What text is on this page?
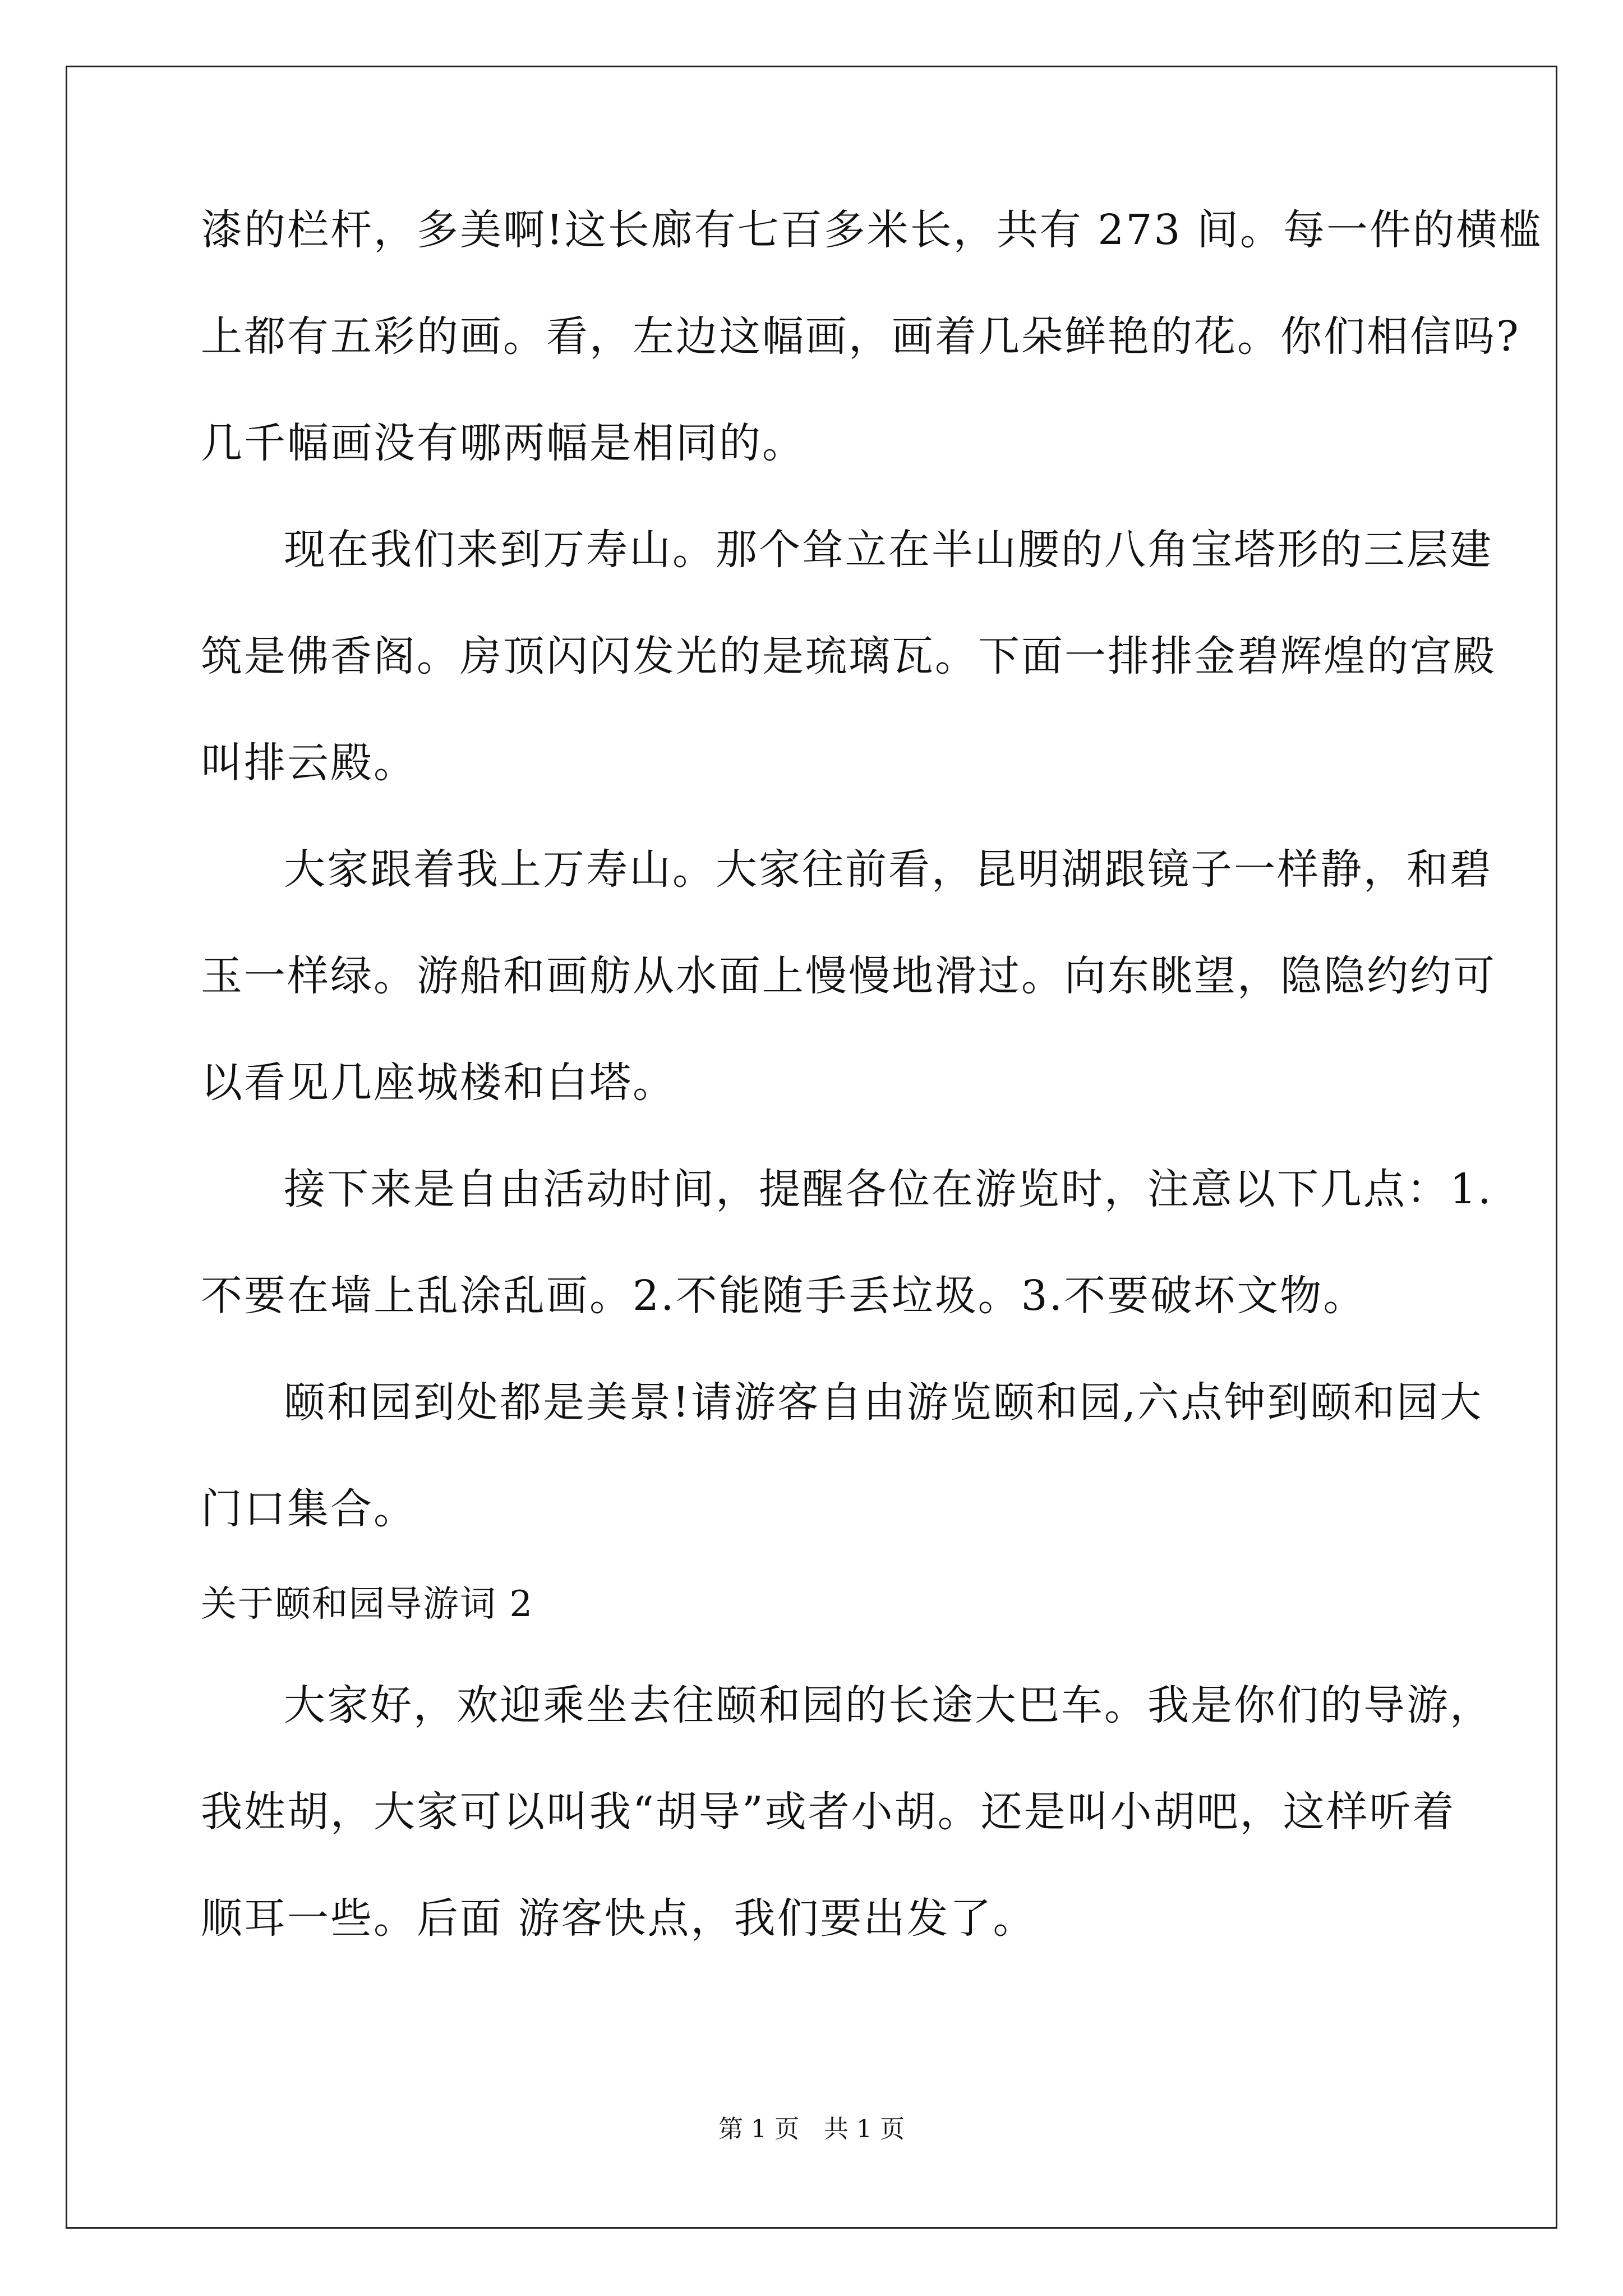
漆的栏杆，多美啊!这长廊有七百多米长，共有 273 间。每一件的横槛
上都有五彩的画。看，左边这幅画，画着几朵鲜艳的花。你们相信吗?
几千幅画没有哪两幅是相同的。
现在我们来到万寿山。那个耸立在半山腰的八角宝塔形的三层建
筑是佛香阁。房顶闪闪发光的是琉璃瓦。下面一排排金碧辉煌的宫殿
叫排云殿。
大家跟着我上万寿山。大家往前看，昆明湖跟镜子一样静，和碧
玉一样绿。游船和画舫从水面上慢慢地滑过。向东眺望，隐隐约约可
以看见几座城楼和白塔。
接下来是自由活动时间，提醒各位在游览时，注意以下几点：1.
不要在墙上乱涂乱画。2.不能随手丢垃圾。3.不要破坏文物。
颐和园到处都是美景!请游客自由游览颐和园,六点钟到颐和园大
门口集合。
关于颐和园导游词 2
大家好，欢迎乘坐去往颐和园的长途大巴车。我是你们的导游，
我姓胡，大家可以叫我“胡导”或者小胡。还是叫小胡吧，这样听着
顺耳一些。后面 游客快点，我们要出发了。
第 1 页　共 1 页
